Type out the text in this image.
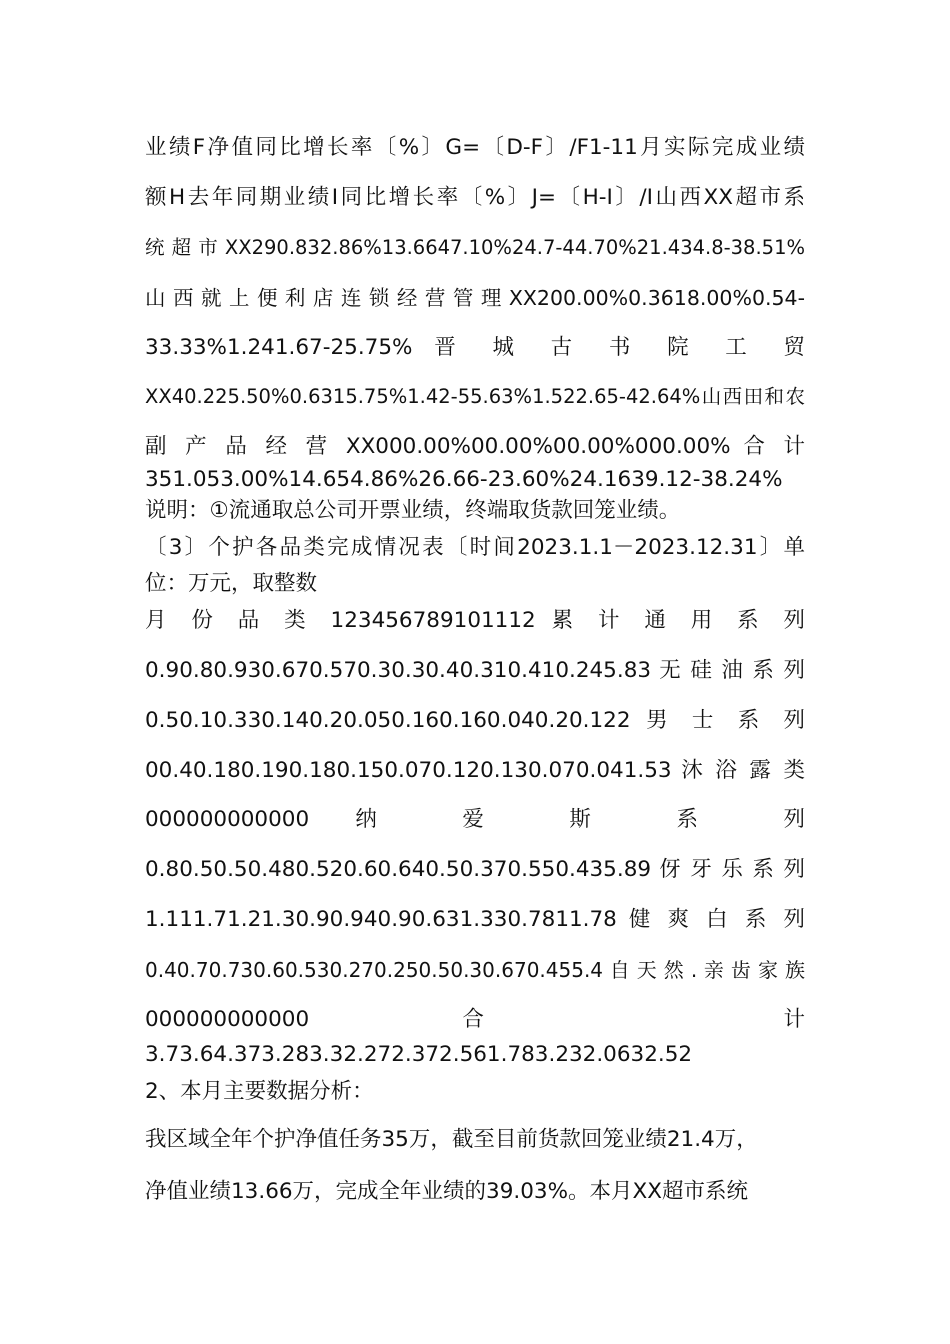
业绩F净值同比增长率〔%〕G=〔D-F〕/F1-11月实际完成业绩
额H去年同期业绩I同比增长率〔%〕J=〔H-I〕/I山西XX超市系
统 超 市 XX290.832.86%13.6647.10%24.7-44.70%21.434.8-38.51%
山 西 就 上 便 利 店 连 锁 经 营 管 理 XX200.00%0.3618.00%0.54-
33.33%1.241.67-25.75% 晋 城 古 书 院 工 贸
XX40.225.50%0.6315.75%1.42-55.63%1.522.65-42.64%山西田和农
副 产 品 经 营 XX000.00%00.00%00.00%000.00% 合 计
351.053.00%14.654.86%26.66-23.60%24.1639.12-38.24%
说明：①流通取总公司开票业绩，终端取货款回笼业绩。
〔3〕个护各品类完成情况表〔时间2023.1.1－2023.12.31〕单
位：万元，取整数
月 份 品 类 123456789101112 累 计 通 用 系 列
0.90.80.930.670.570.30.30.40.310.410.245.83 无 硅 油 系 列
0.50.10.330.140.20.050.160.160.040.20.122 男 士 系 列
00.40.180.190.180.150.070.120.130.070.041.53 沐 浴 露 类
000000000000 纳 爱 斯 系 列
0.80.50.50.480.520.60.640.50.370.550.435.89 伢 牙 乐 系 列
1.111.71.21.30.90.940.90.631.330.7811.78 健 爽 白 系 列
0.40.70.730.60.530.270.250.50.30.670.455.4 自 天 然 . 亲 齿 家 族
000000000000 合 计
3.73.64.373.283.32.272.372.561.783.232.0632.52
2、本月主要数据分析：
我区域全年个护净值任务35万，截至目前货款回笼业绩21.4万，
净值业绩13.66万，完成全年业绩的39.03%。本月XX超市系统
